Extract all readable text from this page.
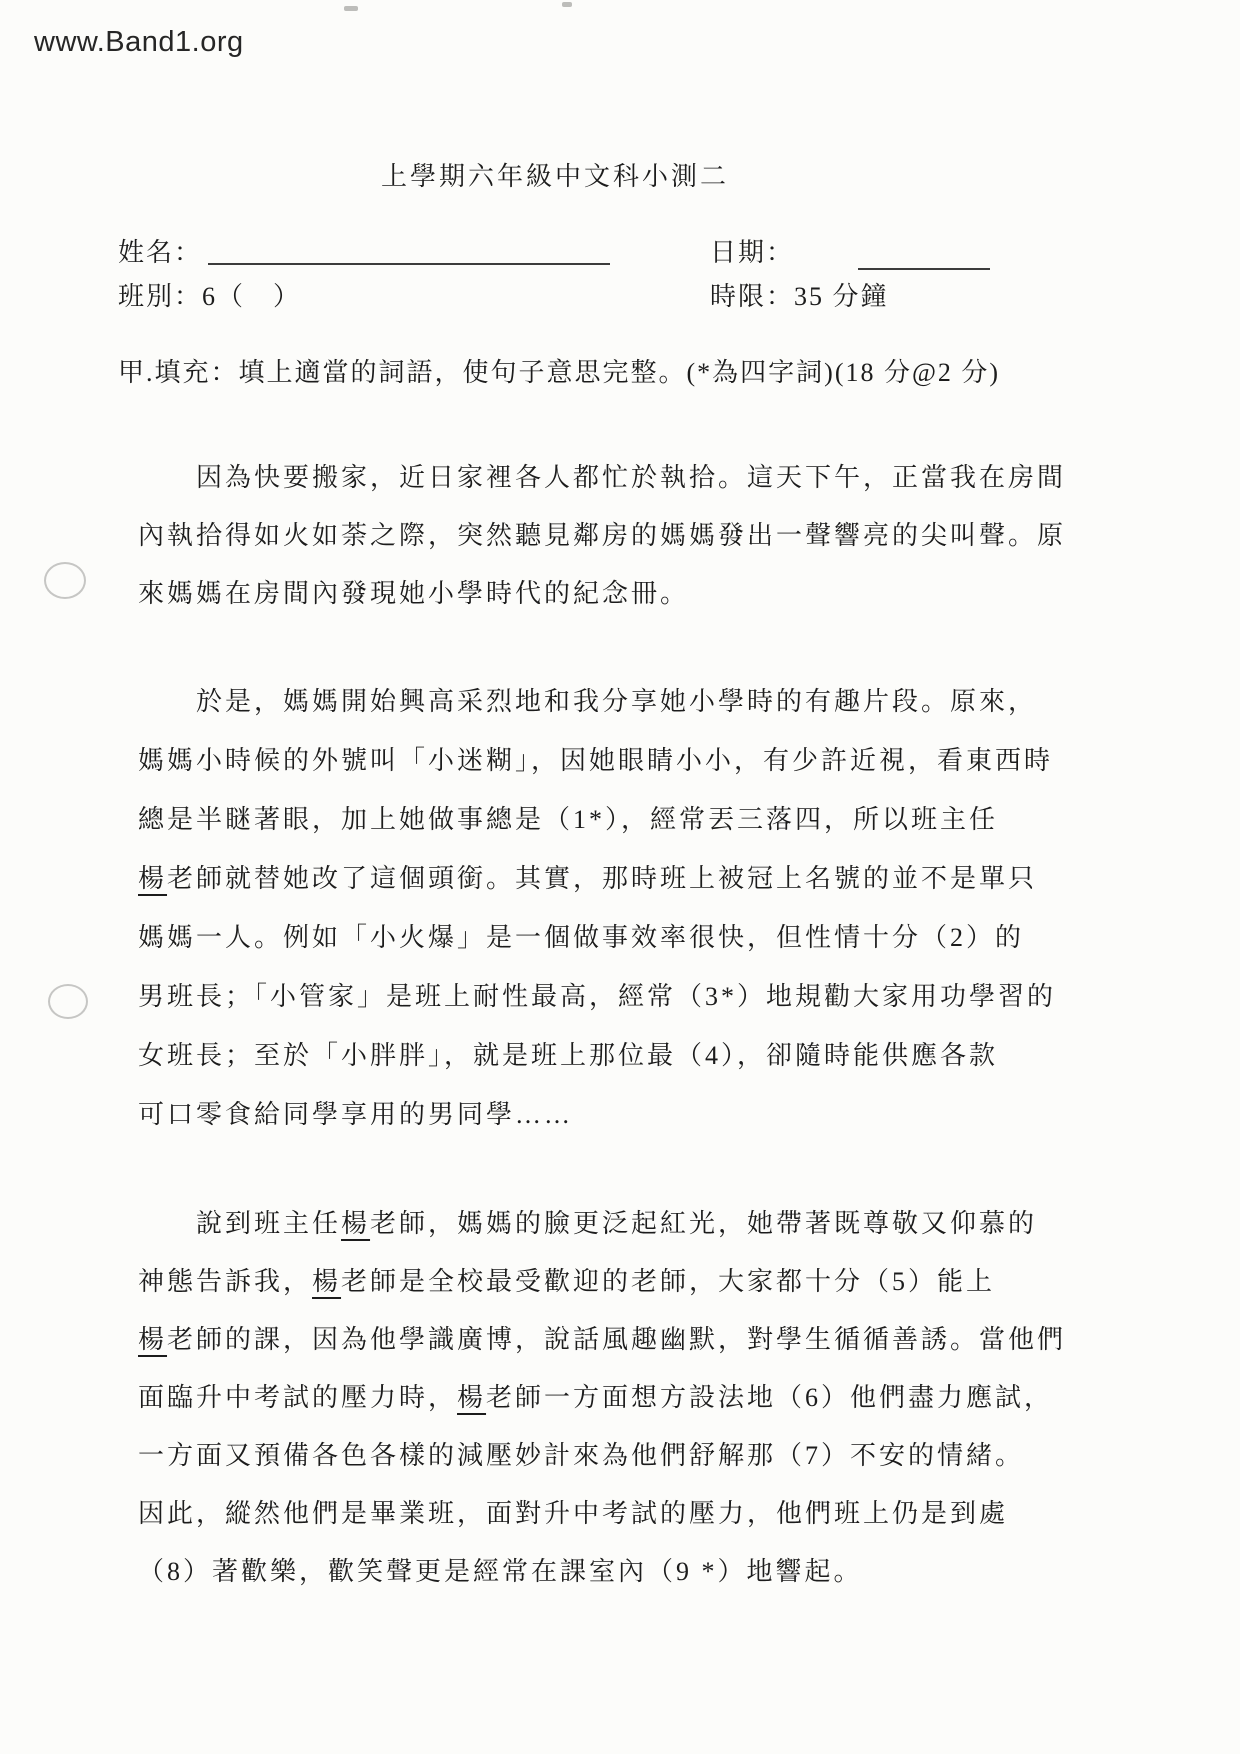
www.Band1.org
上學期六年級中文科小測二
姓名：	日期：
班別：6（　）	時限：35 分鐘
甲.填充：填上適當的詞語，使句子意思完整。(*為四字詞)(18 分@2 分)
因為快要搬家，近日家裡各人都忙於執拾。這天下午，正當我在房間
內執拾得如火如荼之際，突然聽見鄰房的媽媽發出一聲響亮的尖叫聲。原
來媽媽在房間內發現她小學時代的紀念冊。
於是，媽媽開始興高采烈地和我分享她小學時的有趣片段。原來，
媽媽小時候的外號叫「小迷糊」，因她眼睛小小，有少許近視，看東西時
總是半瞇著眼，加上她做事總是（1*），經常丟三落四，所以班主任
楊老師就替她改了這個頭銜。其實，那時班上被冠上名號的並不是單只
媽媽一人。例如「小火爆」是一個做事效率很快，但性情十分（2）的
男班長；「小管家」是班上耐性最高，經常（3*）地規勸大家用功學習的
女班長；至於「小胖胖」，就是班上那位最（4），卻隨時能供應各款
可口零食給同學享用的男同學……
說到班主任楊老師，媽媽的臉更泛起紅光，她帶著既尊敬又仰慕的
神態告訴我，楊老師是全校最受歡迎的老師，大家都十分（5）能上
楊老師的課，因為他學識廣博，說話風趣幽默，對學生循循善誘。當他們
面臨升中考試的壓力時，楊老師一方面想方設法地（6）他們盡力應試，
一方面又預備各色各樣的減壓妙計來為他們舒解那（7）不安的情緒。
因此，縱然他們是畢業班，面對升中考試的壓力，他們班上仍是到處
（8）著歡樂，歡笑聲更是經常在課室內（9 *）地響起。
